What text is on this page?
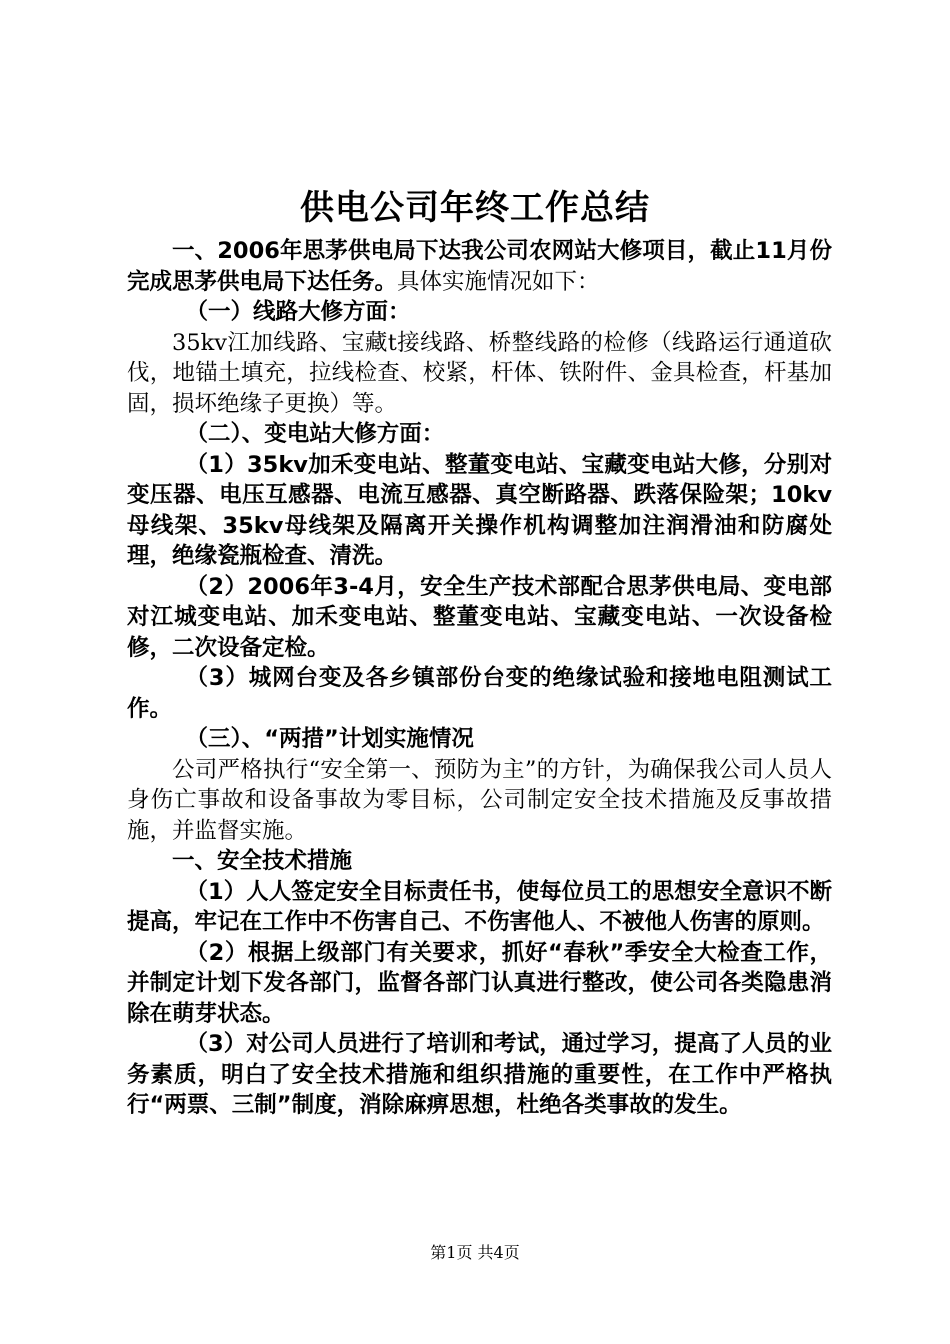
供电公司年终工作总结

一、2006年思茅供电局下达我公司农网站大修项目，截止11月份完成思茅供电局下达任务。具体实施情况如下：

（一）线路大修方面：

35kv江加线路、宝藏t接线路、桥整线路的检修（线路运行通道砍伐，地锚土填充，拉线检查、校紧，杆体、铁附件、金具检查，杆基加固，损坏绝缘子更换）等。

（二）、变电站大修方面：

（1）35kv加禾变电站、整董变电站、宝藏变电站大修，分别对变压器、电压互感器、电流互感器、真空断路器、跌落保险架；10kv母线架、35kv母线架及隔离开关操作机构调整加注润滑油和防腐处理，绝缘瓷瓶检查、清洗。

（2）2006年3-4月，安全生产技术部配合思茅供电局、变电部对江城变电站、加禾变电站、整董变电站、宝藏变电站、一次设备检修，二次设备定检。

（3）城网台变及各乡镇部份台变的绝缘试验和接地电阻测试工作。

（三）、“两措”计划实施情况

公司严格执行“安全第一、预防为主”的方针，为确保我公司人员人身伤亡事故和设备事故为零目标，公司制定安全技术措施及反事故措施，并监督实施。

一、安全技术措施

（1）人人签定安全目标责任书，使每位员工的思想安全意识不断提高，牢记在工作中不伤害自己、不伤害他人、不被他人伤害的原则。

（2）根据上级部门有关要求，抓好“春秋”季安全大检查工作，并制定计划下发各部门，监督各部门认真进行整改，使公司各类隐患消除在萌芽状态。

（3）对公司人员进行了培训和考试，通过学习，提高了人员的业务素质，明白了安全技术措施和组织措施的重要性，在工作中严格执行“两票、三制”制度，消除麻痹思想，杜绝各类事故的发生。

第1页 共4页
